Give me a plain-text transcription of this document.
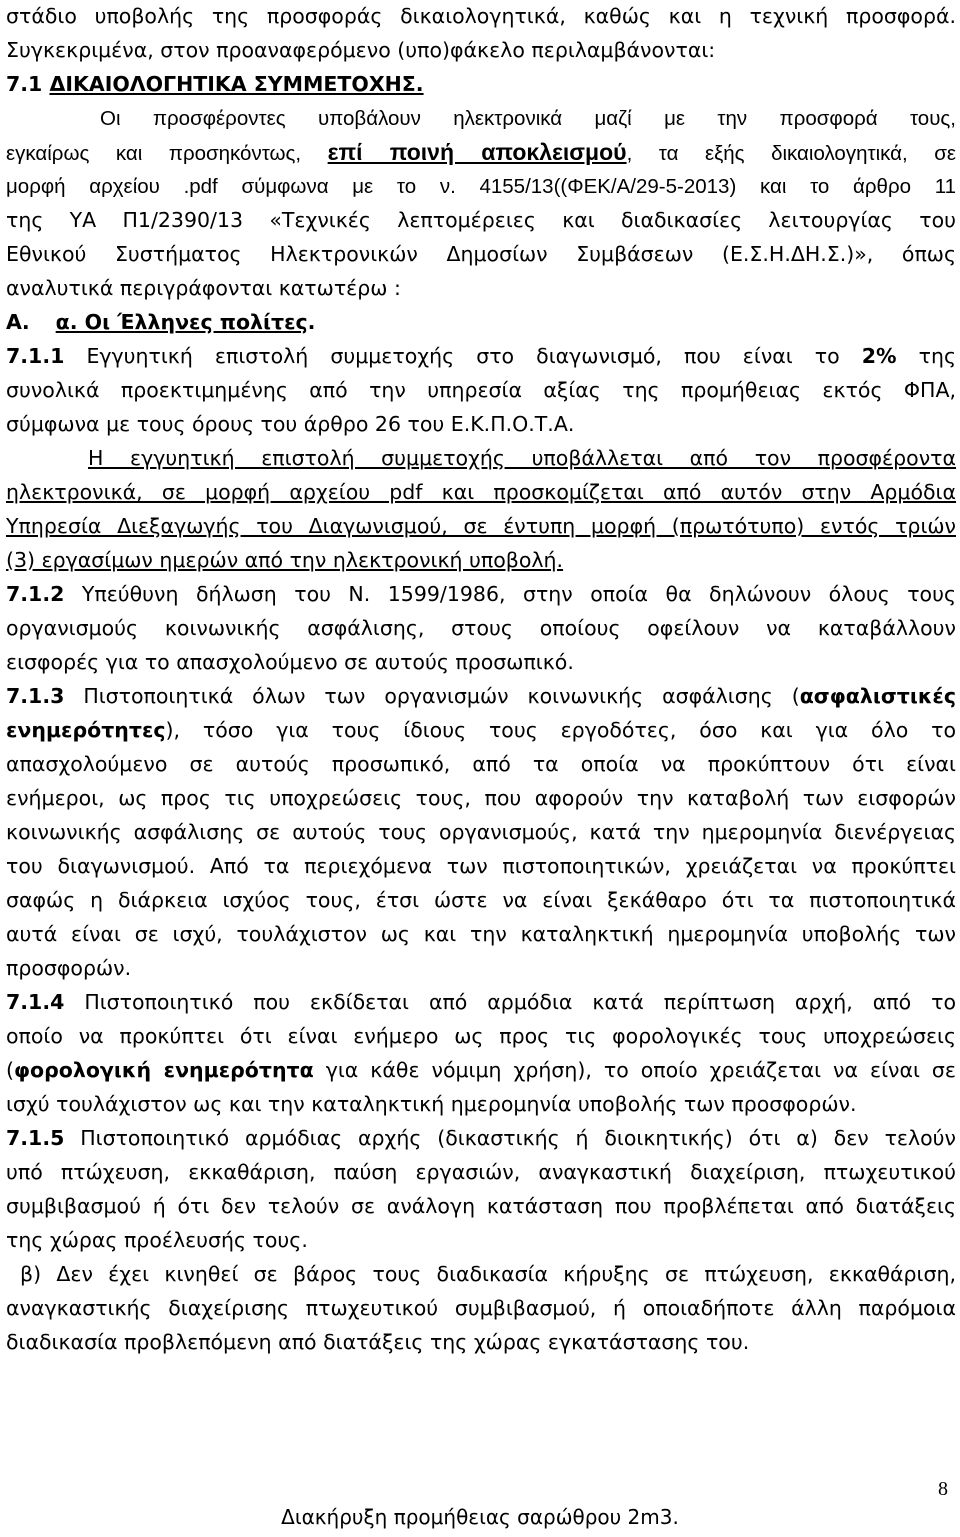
στάδιο υποβολής της προσφοράς δικαιολογητικά, καθώς και η τεχνική προσφορά.
Συγκεκριμένα, στον προαναφερόμενο (υπο)φάκελο περιλαμβάνονται:
7.1 ΔΙΚΑΙΟΛΟΓΗΤΙΚΑ ΣΥΜΜΕΤΟΧΗΣ.
Οι προσφέροντες υποβάλουν ηλεκτρονικά μαζί με την προσφορά τους,
εγκαίρως και προσηκόντως, επί ποινή αποκλεισμού, τα εξής δικαιολογητικά, σε
μορφή αρχείου .pdf σύμφωνα με το ν. 4155/13((ΦΕΚ/Α/29-5-2013) και το άρθρο 11
της ΥΑ Π1/2390/13 «Τεχνικές λεπτομέρειες και διαδικασίες λειτουργίας του
Εθνικού Συστήματος Ηλεκτρονικών Δημοσίων Συμβάσεων (Ε.Σ.Η.ΔΗ.Σ.)», όπως
αναλυτικά περιγράφονται κατωτέρω :
Α. α. Οι Έλληνες πολίτες.
7.1.1 Εγγυητική επιστολή συμμετοχής στο διαγωνισμό, που είναι το 2% της
συνολικά προεκτιμημένης από την υπηρεσία αξίας της προμήθειας εκτός ΦΠΑ,
σύμφωνα με τους όρους του άρθρο 26 του Ε.Κ.Π.Ο.Τ.Α.
Η εγγυητική επιστολή συμμετοχής υποβάλλεται από τον προσφέροντα
ηλεκτρονικά, σε μορφή αρχείου pdf και προσκομίζεται από αυτόν στην Αρμόδια
Υπηρεσία Διεξαγωγής του Διαγωνισμού, σε έντυπη μορφή (πρωτότυπο) εντός τριών
(3) εργασίμων ημερών από την ηλεκτρονική υποβολή.
7.1.2 Υπεύθυνη δήλωση του Ν. 1599/1986, στην οποία θα δηλώνουν όλους τους
οργανισμούς κοινωνικής ασφάλισης, στους οποίους οφείλουν να καταβάλλουν
εισφορές για το απασχολούμενο σε αυτούς προσωπικό.
7.1.3 Πιστοποιητικά όλων των οργανισμών κοινωνικής ασφάλισης (ασφαλιστικές
ενημερότητες), τόσο για τους ίδιους τους εργοδότες, όσο και για όλο το
απασχολούμενο σε αυτούς προσωπικό, από τα οποία να προκύπτουν ότι είναι
ενήμεροι, ως προς τις υποχρεώσεις τους, που αφορούν την καταβολή των εισφορών
κοινωνικής ασφάλισης σε αυτούς τους οργανισμούς, κατά την ημερομηνία διενέργειας
του διαγωνισμού. Από τα περιεχόμενα των πιστοποιητικών, χρειάζεται να προκύπτει
σαφώς η διάρκεια ισχύος τους, έτσι ώστε να είναι ξεκάθαρο ότι τα πιστοποιητικά
αυτά είναι σε ισχύ, τουλάχιστον ως και την καταληκτική ημερομηνία υποβολής των
προσφορών.
7.1.4 Πιστοποιητικό που εκδίδεται από αρμόδια κατά περίπτωση αρχή, από το
οποίο να προκύπτει ότι είναι ενήμερο ως προς τις φορολογικές τους υποχρεώσεις
(φορολογική ενημερότητα για κάθε νόμιμη χρήση), το οποίο χρειάζεται να είναι σε
ισχύ τουλάχιστον ως και την καταληκτική ημερομηνία υποβολής των προσφορών.
7.1.5 Πιστοποιητικό αρμόδιας αρχής (δικαστικής ή διοικητικής) ότι α) δεν τελούν
υπό πτώχευση, εκκαθάριση, παύση εργασιών, αναγκαστική διαχείριση, πτωχευτικού
συμβιβασμού ή ότι δεν τελούν σε ανάλογη κατάσταση που προβλέπεται από διατάξεις
της χώρας προέλευσής τους.
β) Δεν έχει κινηθεί σε βάρος τους διαδικασία κήρυξης σε πτώχευση, εκκαθάριση,
αναγκαστικής διαχείρισης πτωχευτικού συμβιβασμού, ή οποιαδήποτε άλλη παρόμοια
διαδικασία προβλεπόμενη από διατάξεις της χώρας εγκατάστασης του.
8
Διακήρυξη προμήθειας σαρώθρου 2m3.
